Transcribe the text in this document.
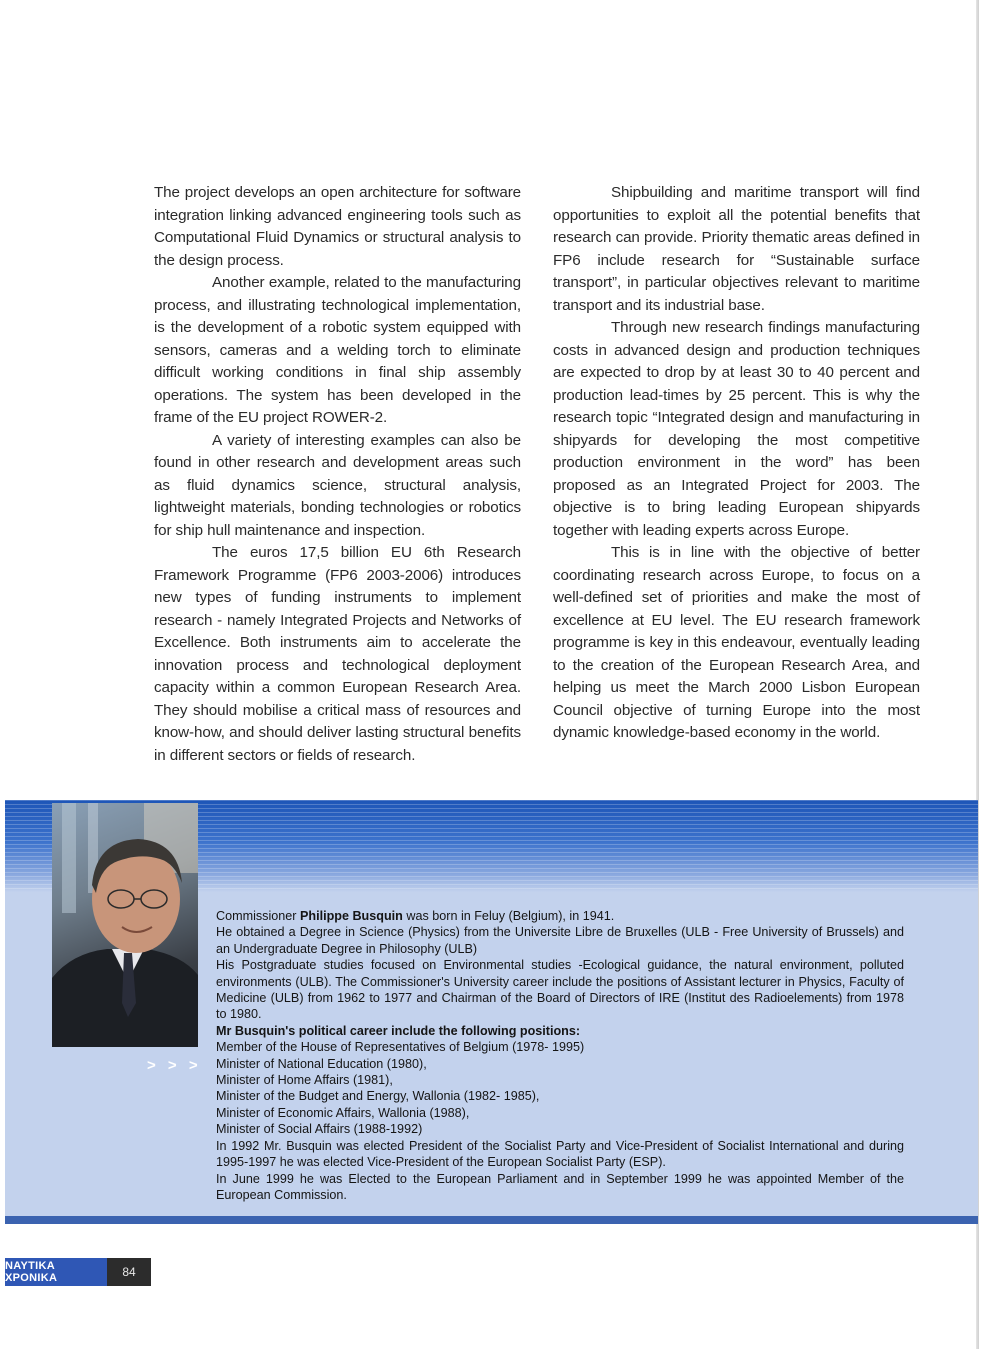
The project develops an open architecture for software integration linking advanced engineering tools such as Computational Fluid Dynamics or structural analysis to the design process.

Another example, related to the manufacturing process, and illustrating technological implementation, is the development of a robotic system equipped with sensors, cameras and a welding torch to eliminate difficult working conditions in final ship assembly operations. The system has been developed in the frame of the EU project ROWER-2.

A variety of interesting examples can also be found in other research and development areas such as fluid dynamics science, structural analysis, lightweight materials, bonding technologies or robotics for ship hull maintenance and inspection.

The euros 17,5 billion EU 6th Research Framework Programme (FP6 2003-2006) introduces new types of funding instruments to implement research - namely Integrated Projects and Networks of Excellence. Both instruments aim to accelerate the innovation process and technological deployment capacity within a common European Research Area. They should mobilise a critical mass of resources and know-how, and should deliver lasting structural benefits in different sectors or fields of research.

Shipbuilding and maritime transport will find opportunities to exploit all the potential benefits that research can provide. Priority thematic areas defined in FP6 include research for “Sustainable surface transport”, in particular objectives relevant to maritime transport and its industrial base.

Through new research findings manufacturing costs in advanced design and production techniques are expected to drop by at least 30 to 40 percent and production lead-times by 25 percent. This is why the research topic “Integrated design and manufacturing in shipyards for developing the most competitive production environment in the word” has been proposed as an Integrated Project for 2003. The objective is to bring leading European shipyards together with leading experts across Europe.

This is in line with the objective of better coordinating research across Europe, to focus on a well-defined set of priorities and make the most of excellence at EU level. The EU research framework programme is key in this endeavour, eventually leading to the creation of the European Research Area, and helping us meet the March 2000 Lisbon European Council objective of turning Europe into the most dynamic knowledge-based economy in the world.

> > >

Commissioner Philippe Busquin was born in Feluy (Belgium), in 1941.

He obtained a Degree in Science (Physics) from the Universite Libre de Bruxelles (ULB - Free University of Brussels) and an Undergraduate Degree in Philosophy (ULB)

His Postgraduate studies focused on Environmental studies -Ecological guidance, the natural environment, polluted environments (ULB). The Commissioner's University career include the positions of Assistant lecturer in Physics, Faculty of Medicine (ULB) from 1962 to 1977 and Chairman of the Board of Directors of IRE (Institut des Radioelements) from 1978 to 1980.

Mr Busquin's political career include the following positions:

Member of the House of Representatives of Belgium (1978- 1995)

Minister of National Education (1980),

Minister of Home Affairs (1981),

Minister of the Budget and Energy, Wallonia (1982- 1985),

Minister of Economic Affairs, Wallonia (1988),

Minister of Social Affairs (1988-1992)

In 1992 Mr. Busquin was elected President of the Socialist Party and Vice-President of Socialist International and during 1995-1997 he was elected Vice-President of the European Socialist Party (ESP).

In June 1999 he was Elected to the European Parliament and in September 1999 he was appointed Member of the European Commission.

ΝΑΥΤΙΚΑ ΧΡΟΝΙΚΑ	84
